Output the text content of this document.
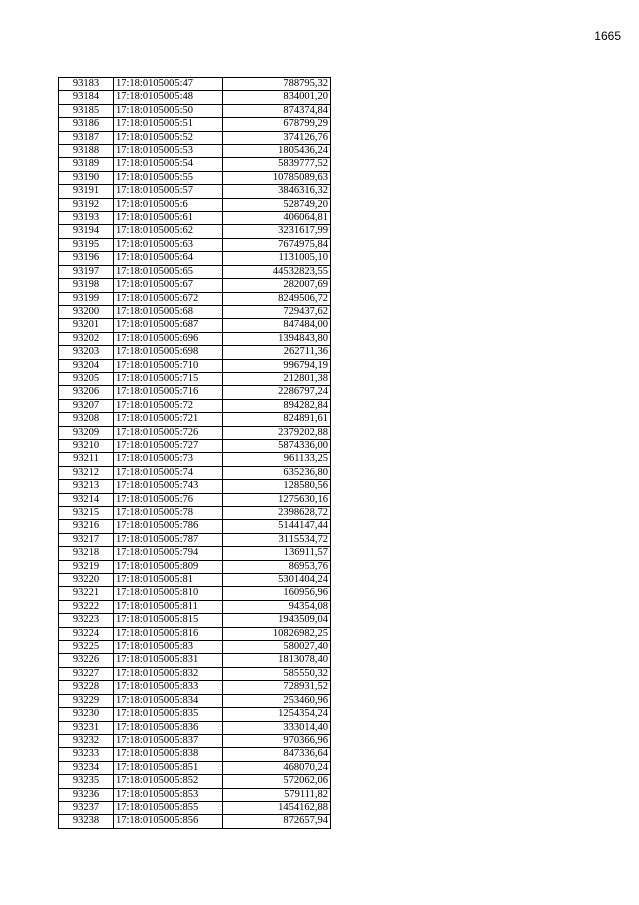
1665
93183	17:18:0105005:47	788795,32
93184	17:18:0105005:48	834001,20
93185	17:18:0105005:50	874374,84
93186	17:18:0105005:51	678799,29
93187	17:18:0105005:52	374126,76
93188	17:18:0105005:53	1805436,24
93189	17:18:0105005:54	5839777,52
93190	17:18:0105005:55	10785089,63
93191	17:18:0105005:57	3846316,32
93192	17:18:0105005:6	528749,20
93193	17:18:0105005:61	406064,81
93194	17:18:0105005:62	3231617,99
93195	17:18:0105005:63	7674975,84
93196	17:18:0105005:64	1131005,10
93197	17:18:0105005:65	44532823,55
93198	17:18:0105005:67	282007,69
93199	17:18:0105005:672	8249506,72
93200	17:18:0105005:68	729437,62
93201	17:18:0105005:687	847484,00
93202	17:18:0105005:696	1394843,80
93203	17:18:0105005:698	262711,36
93204	17:18:0105005:710	996794,19
93205	17:18:0105005:715	212801,38
93206	17:18:0105005:716	2286797,24
93207	17:18:0105005:72	894282,84
93208	17:18:0105005:721	824891,61
93209	17:18:0105005:726	2379202,88
93210	17:18:0105005:727	5874336,00
93211	17:18:0105005:73	961133,25
93212	17:18:0105005:74	635236,80
93213	17:18:0105005:743	128580,56
93214	17:18:0105005:76	1275630,16
93215	17:18:0105005:78	2398628,72
93216	17:18:0105005:786	5144147,44
93217	17:18:0105005:787	3115534,72
93218	17:18:0105005:794	136911,57
93219	17:18:0105005:809	86953,76
93220	17:18:0105005:81	5301404,24
93221	17:18:0105005:810	160956,96
93222	17:18:0105005:811	94354,08
93223	17:18:0105005:815	1943509,04
93224	17:18:0105005:816	10826982,25
93225	17:18:0105005:83	580027,40
93226	17:18:0105005:831	1813078,40
93227	17:18:0105005:832	585550,32
93228	17:18:0105005:833	728931,52
93229	17:18:0105005:834	253460,96
93230	17:18:0105005:835	1254354,24
93231	17:18:0105005:836	333014,40
93232	17:18:0105005:837	970366,96
93233	17:18:0105005:838	847336,64
93234	17:18:0105005:851	468070,24
93235	17:18:0105005:852	572062,06
93236	17:18:0105005:853	579111,82
93237	17:18:0105005:855	1454162,88
93238	17:18:0105005:856	872657,94
